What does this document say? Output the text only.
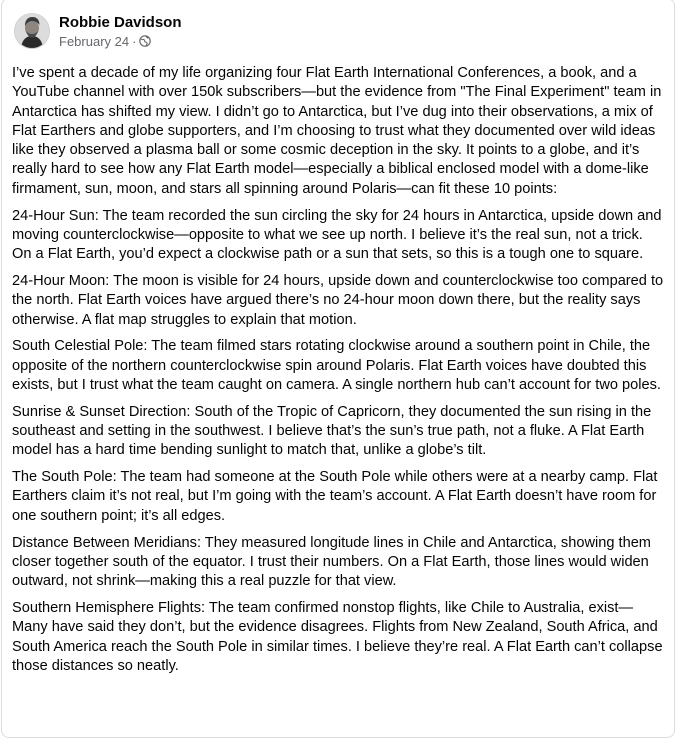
Robbie Davidson
February 24 ·

I’ve spent a decade of my life organizing four Flat Earth International Conferences, a book, and a YouTube channel with over 150k subscribers—but the evidence from "The Final Experiment" team in Antarctica has shifted my view. I didn’t go to Antarctica, but I’ve dug into their observations, a mix of Flat Earthers and globe supporters, and I’m choosing to trust what they documented over wild ideas like they observed a plasma ball or some cosmic deception in the sky. It points to a globe, and it’s really hard to see how any Flat Earth model—especially a biblical enclosed model with a dome-like firmament, sun, moon, and stars all spinning around Polaris—can fit these 10 points:

24-Hour Sun: The team recorded the sun circling the sky for 24 hours in Antarctica, upside down and moving counterclockwise—opposite to what we see up north. I believe it’s the real sun, not a trick. On a Flat Earth, you’d expect a clockwise path or a sun that sets, so this is a tough one to square.

24-Hour Moon: The moon is visible for 24 hours, upside down and counterclockwise too compared to the north. Flat Earth voices have argued there’s no 24-hour moon down there, but the reality says otherwise. A flat map struggles to explain that motion.

South Celestial Pole: The team filmed stars rotating clockwise around a southern point in Chile, the opposite of the northern counterclockwise spin around Polaris. Flat Earth voices have doubted this exists, but I trust what the team caught on camera. A single northern hub can’t account for two poles.

Sunrise & Sunset Direction: South of the Tropic of Capricorn, they documented the sun rising in the southeast and setting in the southwest. I believe that’s the sun’s true path, not a fluke. A Flat Earth model has a hard time bending sunlight to match that, unlike a globe’s tilt.

The South Pole: The team had someone at the South Pole while others were at a nearby camp. Flat Earthers claim it’s not real, but I’m going with the team’s account. A Flat Earth doesn’t have room for one southern point; it’s all edges.

Distance Between Meridians: They measured longitude lines in Chile and Antarctica, showing them closer together south of the equator. I trust their numbers. On a Flat Earth, those lines would widen outward, not shrink—making this a real puzzle for that view.

Southern Hemisphere Flights: The team confirmed nonstop flights, like Chile to Australia, exist—Many have said they don’t, but the evidence disagrees. Flights from New Zealand, South Africa, and South America reach the South Pole in similar times. I believe they’re real. A Flat Earth can’t collapse those distances so neatly.
